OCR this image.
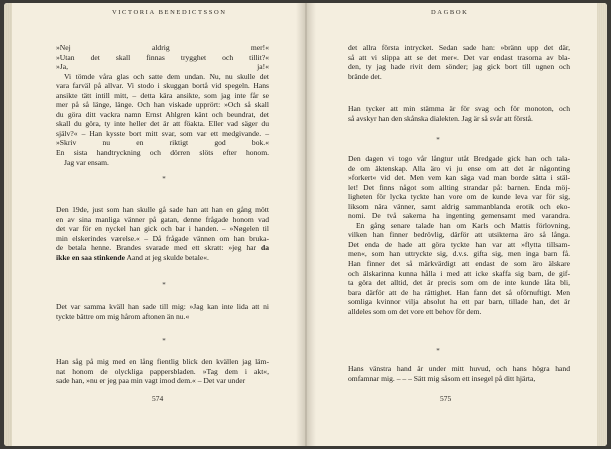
VICTORIA BENEDICTSSON
»Nej aldrig mer!«
»Utan det skall finnas trygghet och tillit?«
»Ja, ja!«
Vi tömde våra glas och satte dem undan. Nu, nu skulle det
vara farväl på allvar. Vi stodo i skuggan bortå vid spegeln. Hans
ansikte tätt intill mitt, – detta kära ansikte, som jag inte får se
mer på så länge, länge. Och han viskade upprört: »Och så skall
du göra ditt vackra namn Ernst Ahlgren känt och beundrat, det
skall du göra, ty inte heller det är att föakta. Eller vad säger du
själv?« – Han kysste bort mitt svar, som var ett medgivande. –
»Skriv nu en riktigt god bok.«
En sista handtryckning och dörren slöts efter honom.
Jag var ensam.
*
Den 19de, just som han skulle gå sade han att han en gång mött
en av sina manliga vänner på gatan, denne frågade honom vad
det var för en nyckel han gick och bar i handen. – »Nøgelen til
min elskerindes værelse.« – Då frågade vännen om han bruka-
de betala henne. Brandes svarade med ett skratt: »jeg har da
ikke en saa stinkende Aand at jeg skulde betale«.
*
Det var samma kväll han sade till mig: »Jag kan inte lida att ni
tyckte bättre om mig hårom aftonen än nu.«
*
Han såg på mig med en lång fientlig blick den kvällen jag läm-
nat honom de olyckliga pappersbladen. »Tag dem i akt«,
sade han, »nu er jeg paa min vagt imod dem.« – Det var under
574
DAGBOK
det allra första intrycket. Sedan sade han: »bränn upp det där,
så att vi slippa att se det mer«. Det var endast trasorna av bla-
den, ty jag hade rivit dem sönder; jag gick bort till ugnen och
brände det.
Han tycker att min stämma är för svag och för monoton, och
så avskyr han den skånska dialekten. Jag är så svår att förstå.
*
Den dagen vi togo vår långtur utåt Bredgade gick han och tala-
de om äktenskap. Alla äro vi ju ense om att det är någonting
»forkert« vid det. Men vem kan säga vad man borde sätta i stäl-
let! Det finns något som allting strandar på: barnen. Enda möj-
ligheten för lycka tyckte han vore om de kunde leva var för sig,
liksom nära vänner, samt aldrig sammanblanda erotik och eko-
nomi. De två sakerna ha ingenting gemensamt med varandra.
En gång senare talade han om Karls och Mattis förlovning,
vilken han finner bedrövlig, därför att utsikterna äro så långa.
Det enda de hade att göra tyckte han var att »flytta tillsam-
men«, som han uttryckte sig, d.v.s. gifta sig, men inga barn få.
Han finner det så märkvärdigt att endast de som äro älskare
och älskarinna kunna hålla i med att icke skaffa sig barn, de gif-
ta göra det alltid, det är precis som om de inte kunde låta bli,
bara därför att de ha rättighet. Han fann det så oförnuftigt. Men
somliga kvinnor vilja absolut ha ett par barn, tillade han, det är
alldeles som om det vore ett behov för dem.
*
Hans vänstra hand är under mitt huvud, och hans högra hand
omfamnar mig. – – – Sätt mig såsom ett insegel på ditt hjärta,
575
